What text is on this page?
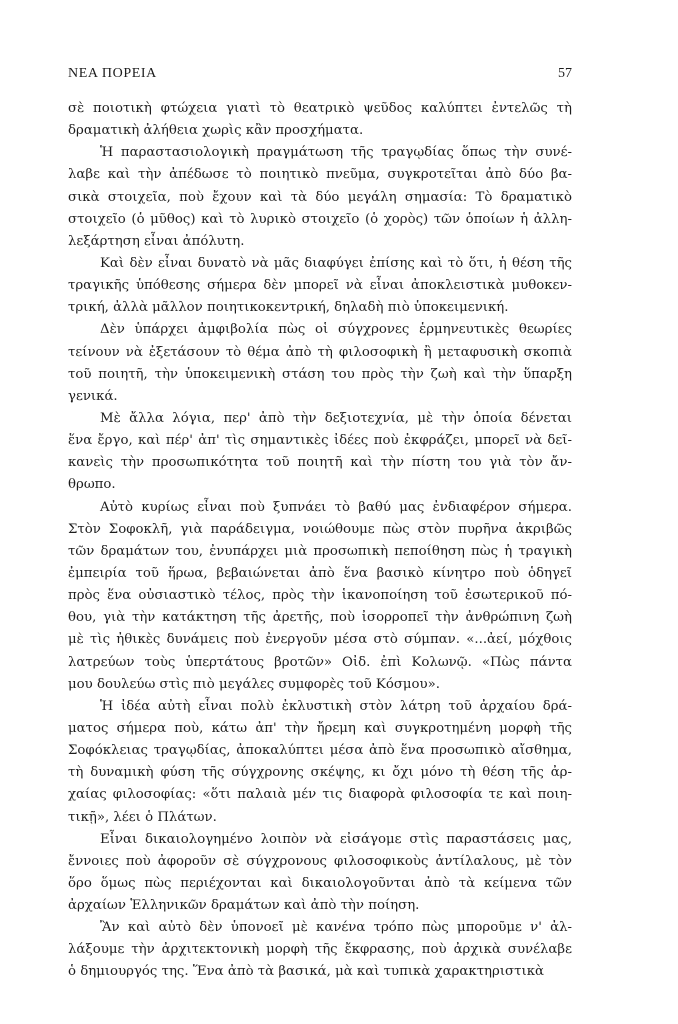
ΝΕΑ ΠΟΡΕΙΑ	57
σὲ ποιοτικὴ φτώχεια γιατὶ τὸ θεατρικὸ ψεῦδος καλύπτει ἐντελῶς τὴ
δραματικὴ ἀλήθεια χωρὶς κἂν προσχήματα.
Ἡ παραστασιολογικὴ πραγμάτωση τῆς τραγῳδίας ὅπως τὴν συνέ-
λαβε καὶ τὴν ἀπέδωσε τὸ ποιητικὸ πνεῦμα, συγκροτεῖται ἀπὸ δύο βα-
σικὰ στοιχεῖα, ποὺ ἔχουν καὶ τὰ δύο μεγάλη σημασία: Τὸ δραματικὸ
στοιχεῖο (ὁ μῦθος) καὶ τὸ λυρικὸ στοιχεῖο (ὁ χορὸς) τῶν ὁποίων ἡ ἀλλη-
λεξάρτηση εἶναι ἀπόλυτη.
Καὶ δὲν εἶναι δυνατὸ νὰ μᾶς διαφύγει ἐπίσης καὶ τὸ ὅτι, ἡ θέση τῆς
τραγικῆς ὑπόθεσης σήμερα δὲν μπορεῖ νὰ εἶναι ἀποκλειστικὰ μυθοκεν-
τρική, ἀλλὰ μᾶλλον ποιητικοκεντρική, δηλαδὴ πιὸ ὑποκειμενική.
Δὲν ὑπάρχει ἀμφιβολία πὼς οἱ σύγχρονες ἑρμηνευτικὲς θεωρίες
τείνουν νὰ ἐξετάσουν τὸ θέμα ἀπὸ τὴ φιλοσοφικὴ ἢ μεταφυσικὴ σκοπιὰ
τοῦ ποιητῆ, τὴν ὑποκειμενικὴ στάση του πρὸς τὴν ζωὴ καὶ τὴν ὕπαρξη
γενικά.
Μὲ ἄλλα λόγια, περ' ἀπὸ τὴν δεξιοτεχνία, μὲ τὴν ὁποία δένεται
ἕνα ἔργο, καὶ πέρ' ἀπ' τὶς σημαντικὲς ἰδέες ποὺ ἐκφράζει, μπορεῖ νὰ δεῖ-
κανεὶς τὴν προσωπικότητα τοῦ ποιητῆ καὶ τὴν πίστη του γιὰ τὸν ἄν-
θρωπο.
Αὐτὸ κυρίως εἶναι ποὺ ξυπνάει τὸ βαθύ μας ἐνδιαφέρον σήμερα.
Στὸν Σοφοκλῆ, γιὰ παράδειγμα, νοιώθουμε πὼς στὸν πυρῆνα ἀκριβῶς
τῶν δραμάτων του, ἐνυπάρχει μιὰ προσωπικὴ πεποίθηση πὼς ἡ τραγικὴ
ἐμπειρία τοῦ ἥρωα, βεβαιώνεται ἀπὸ ἕνα βασικὸ κίνητρο ποὺ ὁδηγεῖ
πρὸς ἕνα οὐσιαστικὸ τέλος, πρὸς τὴν ἱκανοποίηση τοῦ ἐσωτερικοῦ πό-
θου, γιὰ τὴν κατάκτηση τῆς ἀρετῆς, ποὺ ἰσορροπεῖ τὴν ἀνθρώπινη ζωὴ
μὲ τὶς ἠθικὲς δυνάμεις ποὺ ἐνεργοῦν μέσα στὸ σύμπαν. «...ἀεί, μόχθοις
λατρεύων τοὺς ὑπερτάτους βροτῶν» Οἰδ. ἐπὶ Κολωνῷ. «Πὼς πάντα
μου δουλεύω στὶς πιὸ μεγάλες συμφορὲς τοῦ Κόσμου».
Ἡ ἰδέα αὐτὴ εἶναι πολὺ ἐκλυστικὴ στὸν λάτρη τοῦ ἀρχαίου δρά-
ματος σήμερα ποὺ, κάτω ἀπ' τὴν ἤρεμη καὶ συγκροτημένη μορφὴ τῆς
Σοφόκλειας τραγῳδίας, ἀποκαλύπτει μέσα ἀπὸ ἕνα προσωπικὸ αἴσθημα,
τὴ δυναμικὴ φύση τῆς σύγχρονης σκέψης, κι ὄχι μόνο τὴ θέση τῆς ἀρ-
χαίας φιλοσοφίας: «ὅτι παλαιὰ μέν τις διαφορὰ φιλοσοφία τε καὶ ποιη-
τικῇ», λέει ὁ Πλάτων.
Εἶναι δικαιολογημένο λοιπὸν νὰ εἰσάγομε στὶς παραστάσεις μας,
ἔννοιες ποὺ ἀφοροῦν σὲ σύγχρονους φιλοσοφικοὺς ἀντίλαλους, μὲ τὸν
ὅρο ὅμως πὼς περιέχονται καὶ δικαιολογοῦνται ἀπὸ τὰ κείμενα τῶν
ἀρχαίων Ἑλληνικῶν δραμάτων καὶ ἀπὸ τὴν ποίηση.
Ἂν καὶ αὐτὸ δὲν ὑπονοεῖ μὲ κανένα τρόπο πὼς μποροῦμε ν' ἀλ-
λάξουμε τὴν ἀρχιτεκτονικὴ μορφὴ τῆς ἔκφρασης, ποὺ ἀρχικὰ συνέλαβε
ὁ δημιουργός της. Ἕνα ἀπὸ τὰ βασικά, μὰ καὶ τυπικὰ χαρακτηριστικὰ
